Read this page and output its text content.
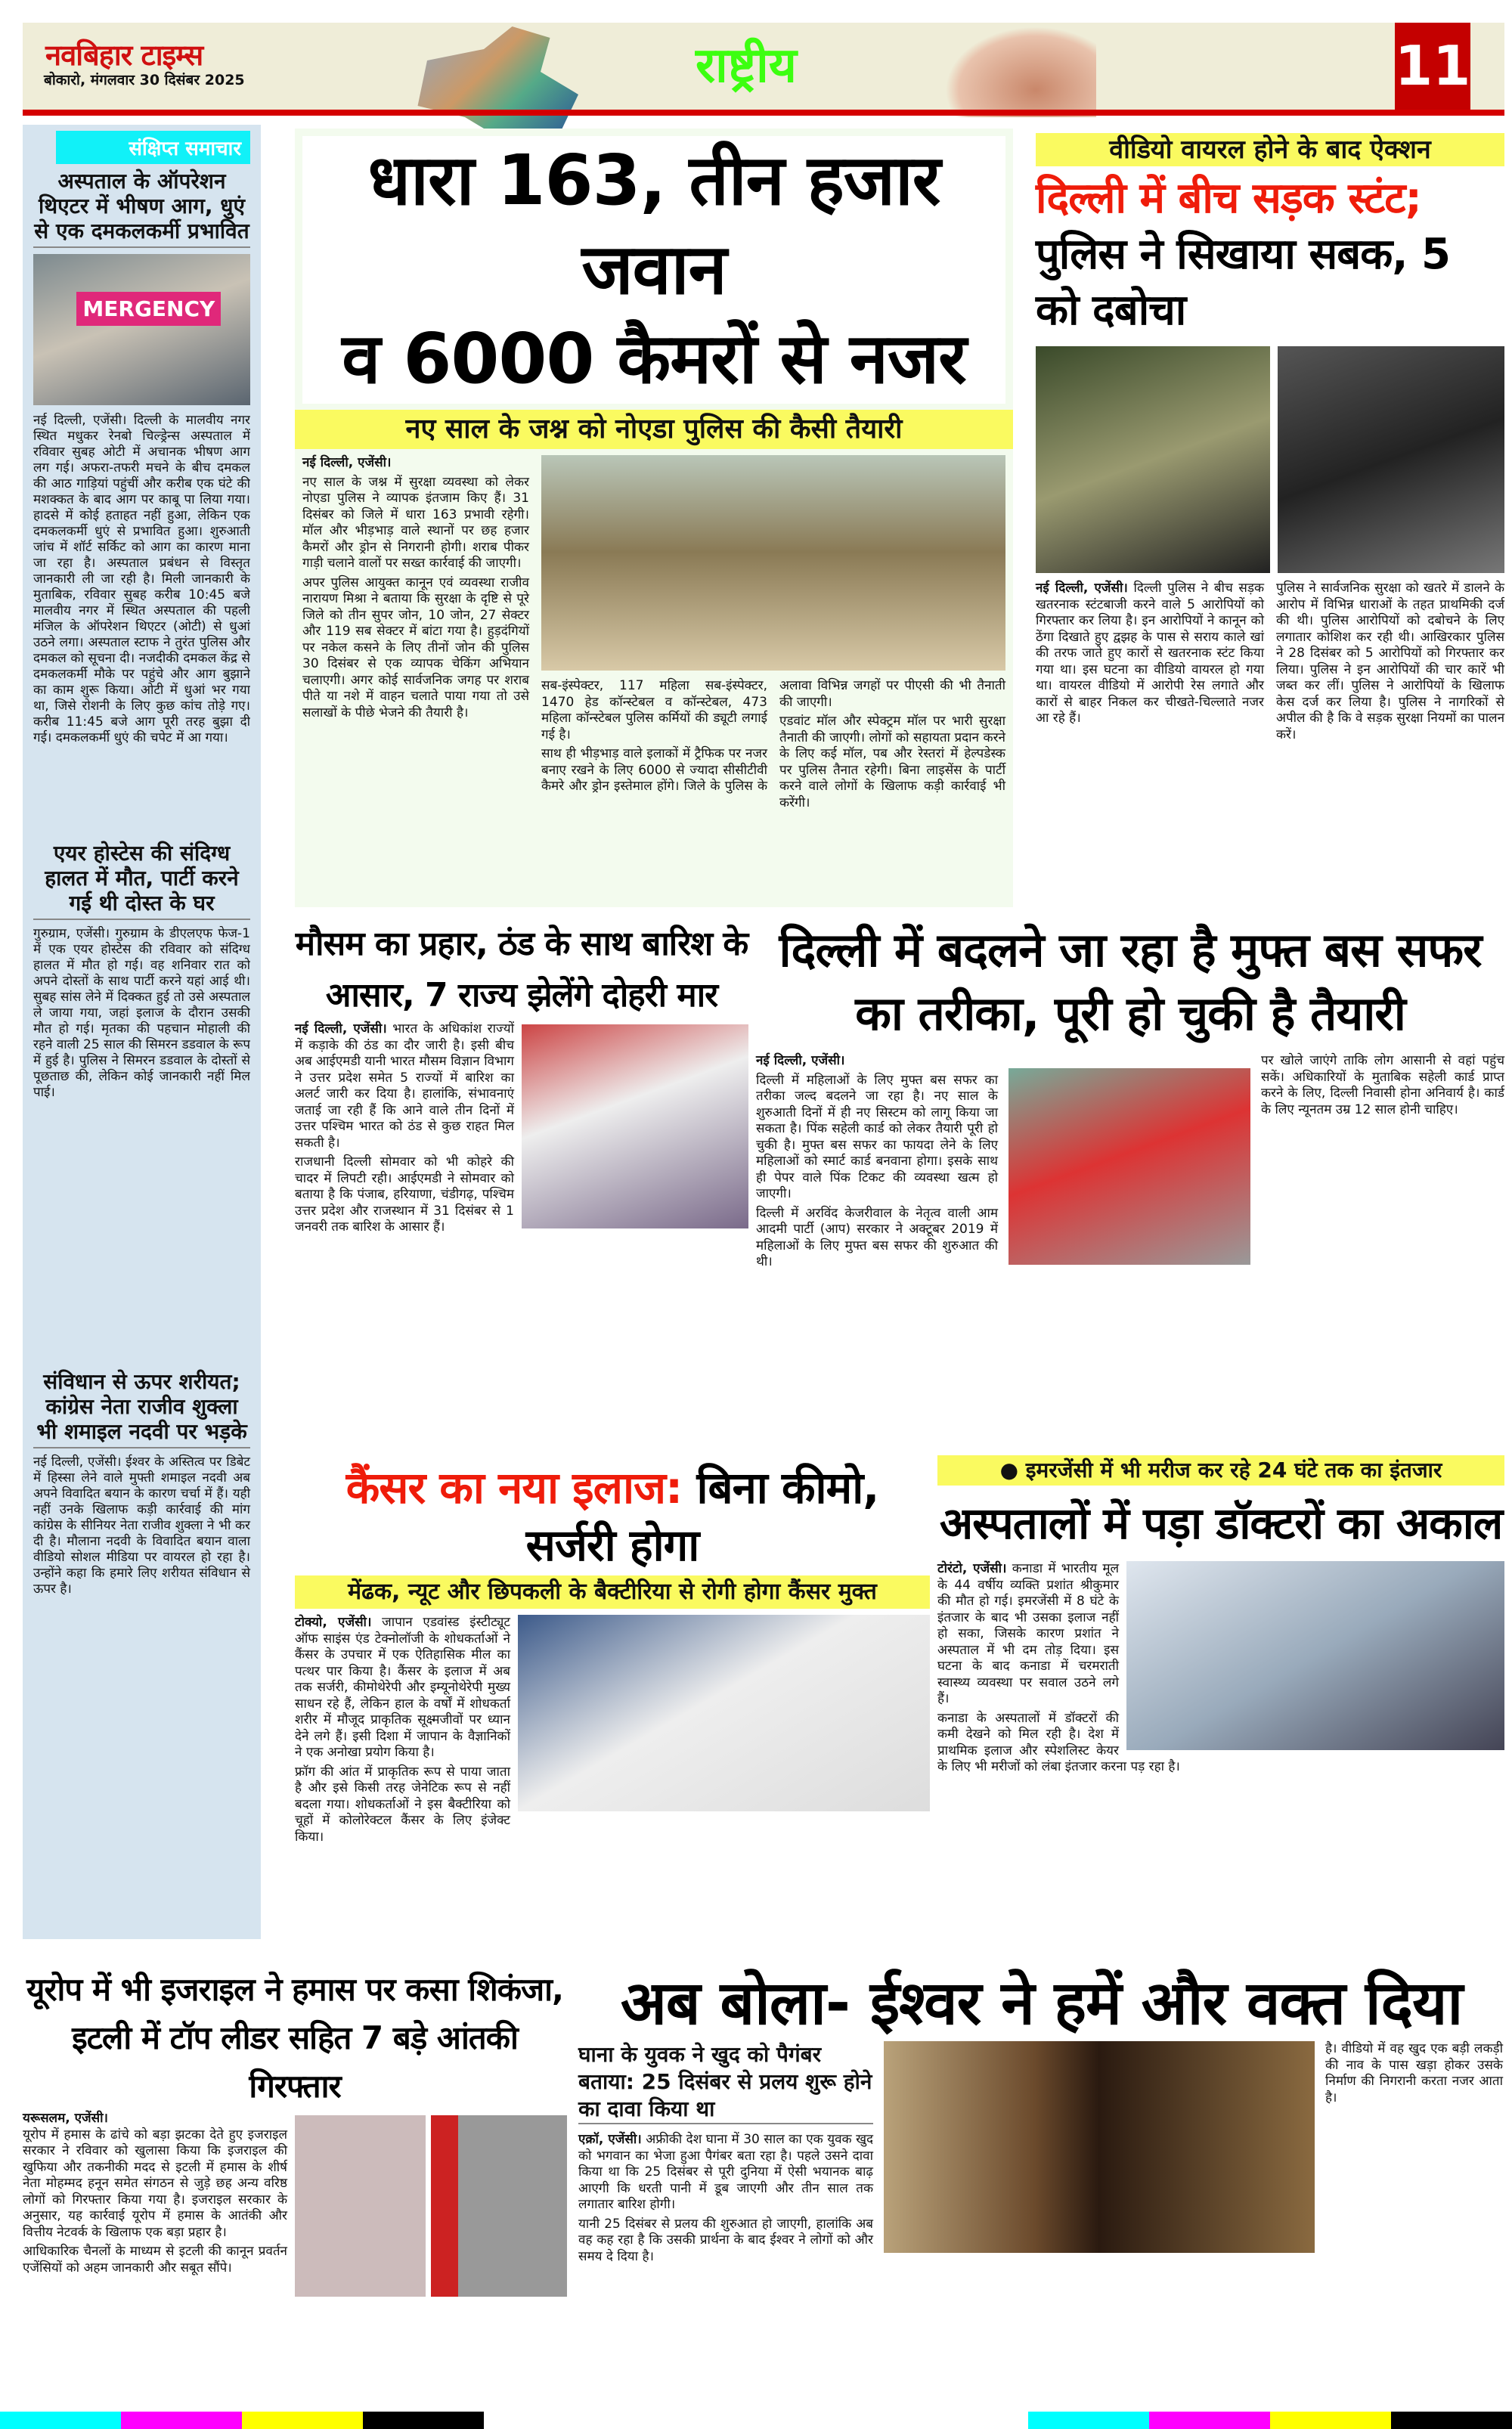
नवबिहार टाइम्स
बोकारो, मंगलवार 30 दिसंबर 2025	राष्ट्रीय	11
संक्षिप्त समाचार
अस्पताल के ऑपरेशन थिएटर में भीषण आग, धुएं से एक दमकलकर्मी प्रभावित
MERGENCY
नई दिल्ली, एजेंसी। दिल्ली के मालवीय नगर स्थित मधुकर रेनबो चिल्ड्रेन्स अस्पताल में रविवार सुबह ओटी में अचानक भीषण आग लग गई। अफरा-तफरी मचने के बीच दमकल की आठ गाड़ियां पहुंचीं और करीब एक घंटे की मशक्कत के बाद आग पर काबू पा लिया गया। हादसे में कोई हताहत नहीं हुआ, लेकिन एक दमकलकर्मी धुएं से प्रभावित हुआ। शुरुआती जांच में शॉर्ट सर्किट को आग का कारण माना जा रहा है। अस्पताल प्रबंधन से विस्तृत जानकारी ली जा रही है। मिली जानकारी के मुताबिक, रविवार सुबह करीब 10:45 बजे मालवीय नगर में स्थित अस्पताल की पहली मंजिल के ऑपरेशन थिएटर (ओटी) से धुआं उठने लगा। अस्पताल स्टाफ ने तुरंत पुलिस और दमकल को सूचना दी। नजदीकी दमकल केंद्र से दमकलकर्मी मौके पर पहुंचे और आग बुझाने का काम शुरू किया। ओटी में धुआं भर गया था, जिसे रोशनी के लिए कुछ कांच तोड़े गए। करीब 11:45 बजे आग पूरी तरह बुझा दी गई। दमकलकर्मी धुएं की चपेट में आ गया।
एयर होस्टेस की संदिग्ध हालत में मौत, पार्टी करने गई थी दोस्त के घर
गुरुग्राम, एजेंसी। गुरुग्राम के डीएलएफ फेज-1 में एक एयर होस्टेस की रविवार को संदिग्ध हालत में मौत हो गई। वह शनिवार रात को अपने दोस्तों के साथ पार्टी करने यहां आई थी। सुबह सांस लेने में दिक्कत हुई तो उसे अस्पताल ले जाया गया, जहां इलाज के दौरान उसकी मौत हो गई। मृतका की पहचान मोहाली की रहने वाली 25 साल की सिमरन डडवाल के रूप में हुई है। पुलिस ने सिमरन डडवाल के दोस्तों से पूछताछ की, लेकिन कोई जानकारी नहीं मिल पाई।
संविधान से ऊपर शरीयत; कांग्रेस नेता राजीव शुक्ला भी शमाइल नदवी पर भड़के
नई दिल्ली, एजेंसी। ईश्वर के अस्तित्व पर डिबेट में हिस्सा लेने वाले मुफ्ती शमाइल नदवी अब अपने विवादित बयान के कारण चर्चा में हैं। यही नहीं उनके खिलाफ कड़ी कार्रवाई की मांग कांग्रेस के सीनियर नेता राजीव शुक्ला ने भी कर दी है। मौलाना नदवी के विवादित बयान वाला वीडियो सोशल मीडिया पर वायरल हो रहा है। उन्होंने कहा कि हमारे लिए शरीयत संविधान से ऊपर है।
धारा 163, तीन हजार जवान
व 6000 कैमरों से नजर
नए साल के जश्न को नोएडा पुलिस की कैसी तैयारी

नई दिल्ली, एजेंसी।

नए साल के जश्न में सुरक्षा व्यवस्था को लेकर नोएडा पुलिस ने व्यापक इंतजाम किए हैं। 31 दिसंबर को जिले में धारा 163 प्रभावी रहेगी। मॉल और भीड़भाड़ वाले स्थानों पर छह हजार कैमरों और ड्रोन से निगरानी होगी। शराब पीकर गाड़ी चलाने वालों पर सख्त कार्रवाई की जाएगी।

अपर पुलिस आयुक्त कानून एवं व्यवस्था राजीव नारायण मिश्रा ने बताया कि सुरक्षा के दृष्टि से पूरे जिले को तीन सुपर जोन, 10 जोन, 27 सेक्टर और 119 सब सेक्टर में बांटा गया है। हुड़दंगियों पर नकेल कसने के लिए तीनों जोन की पुलिस 30 दिसंबर से एक व्यापक चेकिंग अभियान चलाएगी। अगर कोई सार्वजनिक जगह पर शराब पीते या नशे में वाहन चलाते पाया गया तो उसे सलाखों के पीछे भेजने की तैयारी है।

सब-इंस्पेक्टर, 117 महिला सब-इंस्पेक्टर, 1470 हेड कॉन्स्टेबल व कॉन्स्टेबल, 473 महिला कॉन्स्टेबल पुलिस कर्मियों की ड्यूटी लगाई गई है।

साथ ही भीड़भाड़ वाले इलाकों में ट्रैफिक पर नजर बनाए रखने के लिए 6000 से ज्यादा सीसीटीवी कैमरे और ड्रोन इस्तेमाल होंगे। जिले के पुलिस के अलावा विभिन्न जगहों पर पीएसी की भी तैनाती की जाएगी।

एडवांट मॉल और स्पेक्ट्रम मॉल पर भारी सुरक्षा तैनाती की जाएगी। लोगों को सहायता प्रदान करने के लिए कई मॉल, पब और रेस्तरां में हेल्पडेस्क पर पुलिस तैनात रहेगी। बिना लाइसेंस के पार्टी करने वाले लोगों के खिलाफ कड़ी कार्रवाई भी करेंगी।

वीडियो वायरल होने के बाद ऐक्शन
दिल्ली में बीच सड़क स्टंट; पुलिस ने सिखाया सबक, 5 को दबोचा

नई दिल्ली, एजेंसी। दिल्ली पुलिस ने बीच सड़क खतरनाक स्टंटबाजी करने वाले 5 आरोपियों को गिरफ्तार कर लिया है। इन आरोपियों ने कानून को ठेंगा दिखाते हुए द्वझह के पास से सराय काले खां की तरफ जाते हुए कारों से खतरनाक स्टंट किया गया था। इस घटना का वीडियो वायरल हो गया था। वायरल वीडियो में आरोपी रेस लगाते और कारों से बाहर निकल कर चीखते-चिल्लाते नजर आ रहे हैं।

पुलिस ने सार्वजनिक सुरक्षा को खतरे में डालने के आरोप में विभिन्न धाराओं के तहत प्राथमिकी दर्ज की थी। पुलिस आरोपियों को दबोचने के लिए लगातार कोशिश कर रही थी। आखिरकार पुलिस ने 28 दिसंबर को 5 आरोपियों को गिरफ्तार कर लिया। पुलिस ने इन आरोपियों की चार कारें भी जब्त कर लीं। पुलिस ने आरोपियों के खिलाफ केस दर्ज कर लिया है। पुलिस ने नागरिकों से अपील की है कि वे सड़क सुरक्षा नियमों का पालन करें।

मौसम का प्रहार, ठंड के साथ बारिश के आसार, 7 राज्य झेलेंगे दोहरी मार

नई दिल्ली, एजेंसी। भारत के अधिकांश राज्यों में कड़ाके की ठंड का दौर जारी है। इसी बीच अब आईएमडी यानी भारत मौसम विज्ञान विभाग ने उत्तर प्रदेश समेत 5 राज्यों में बारिश का अलर्ट जारी कर दिया है। हालांकि, संभावनाएं जताई जा रही हैं कि आने वाले तीन दिनों में उत्तर पश्चिम भारत को ठंड से कुछ राहत मिल सकती है।

राजधानी दिल्ली सोमवार को भी कोहरे की चादर में लिपटी रही। आईएमडी ने सोमवार को बताया है कि पंजाब, हरियाणा, चंडीगढ़, पश्चिम उत्तर प्रदेश और राजस्थान में 31 दिसंबर से 1 जनवरी तक बारिश के आसार हैं।

दिल्ली में बदलने जा रहा है मुफ्त बस सफर का तरीका, पूरी हो चुकी है तैयारी

नई दिल्ली, एजेंसी।

दिल्ली में महिलाओं के लिए मुफ्त बस सफर का तरीका जल्द बदलने जा रहा है। नए साल के शुरुआती दिनों में ही नए सिस्टम को लागू किया जा सकता है। पिंक सहेली कार्ड को लेकर तैयारी पूरी हो चुकी है। मुफ्त बस सफर का फायदा लेने के लिए महिलाओं को स्मार्ट कार्ड बनवाना होगा। इसके साथ ही पेपर वाले पिंक टिकट की व्यवस्था खत्म हो जाएगी।

दिल्ली में अरविंद केजरीवाल के नेतृत्व वाली आम आदमी पार्टी (आप) सरकार ने अक्टूबर 2019 में महिलाओं के लिए मुफ्त बस सफर की शुरुआत की थी।

पर खोले जाएंगे ताकि लोग आसानी से वहां पहुंच सकें। अधिकारियों के मुताबिक सहेली कार्ड प्राप्त करने के लिए, दिल्ली निवासी होना अनिवार्य है। कार्ड के लिए न्यूनतम उम्र 12 साल होनी चाहिए।

कैंसर का नया इलाज: बिना कीमो, सर्जरी होगा
मेंढक, न्यूट और छिपकली के बैक्टीरिया से रोगी होगा कैंसर मुक्त

टोक्यो, एजेंसी। जापान एडवांस्ड इंस्टीट्यूट ऑफ साइंस एंड टेक्नोलॉजी के शोधकर्ताओं ने कैंसर के उपचार में एक ऐतिहासिक मील का पत्थर पार किया है। कैंसर के इलाज में अब तक सर्जरी, कीमोथेरेपी और इम्यूनोथेरेपी मुख्य साधन रहे हैं, लेकिन हाल के वर्षों में शोधकर्ता शरीर में मौजूद प्राकृतिक सूक्ष्मजीवों पर ध्यान देने लगे हैं। इसी दिशा में जापान के वैज्ञानिकों ने एक अनोखा प्रयोग किया है।

फ्रॉग की आंत में प्राकृतिक रूप से पाया जाता है और इसे किसी तरह जेनेटिक रूप से नहीं बदला गया। शोधकर्ताओं ने इस बैक्टीरिया को चूहों में कोलोरेक्टल कैंसर के लिए इंजेक्ट किया।

● इमरजेंसी में भी मरीज कर रहे 24 घंटे तक का इंतजार
अस्पतालों में पड़ा डॉक्टरों का अकाल

टोरंटो, एजेंसी। कनाडा में भारतीय मूल के 44 वर्षीय व्यक्ति प्रशांत श्रीकुमार की मौत हो गई। इमरजेंसी में 8 घंटे के इंतजार के बाद भी उसका इलाज नहीं हो सका, जिसके कारण प्रशांत ने अस्पताल में भी दम तोड़ दिया। इस घटना के बाद कनाडा में चरमराती स्वास्थ्य व्यवस्था पर सवाल उठने लगे हैं।

कनाडा के अस्पतालों में डॉक्टरों की कमी देखने को मिल रही है। देश में प्राथमिक इलाज और स्पेशलिस्ट केयर के लिए भी मरीजों को लंबा इंतजार करना पड़ रहा है।

यूरोप में भी इजराइल ने हमास पर कसा शिकंजा, इटली में टॉप लीडर सहित 7 बड़े आंतकी गिरफ्तार

यरूसलम, एजेंसी।
यूरोप में हमास के ढांचे को बड़ा झटका देते हुए इजराइल सरकार ने रविवार को खुलासा किया कि इजराइल की खुफिया और तकनीकी मदद से इटली में हमास के शीर्ष नेता मोहम्मद हनून समेत संगठन से जुड़े छह अन्य वरिष्ठ लोगों को गिरफ्तार किया गया है। इजराइल सरकार के अनुसार, यह कार्रवाई यूरोप में हमास के आतंकी और वित्तीय नेटवर्क के खिलाफ एक बड़ा प्रहार है।

आधिकारिक चैनलों के माध्यम से इटली की कानून प्रवर्तन एजेंसियों को अहम जानकारी और सबूत सौंपे।

अब बोला- ईश्वर ने हमें और वक्त दिया
घाना के युवक ने खुद को पैगंबर बताया: 25 दिसंबर से प्रलय शुरू होने का दावा किया था

एक्रॉ, एजेंसी। अफ्रीकी देश घाना में 30 साल का एक युवक खुद को भगवान का भेजा हुआ पैगंबर बता रहा है। पहले उसने दावा किया था कि 25 दिसंबर से पूरी दुनिया में ऐसी भयानक बाढ़ आएगी कि धरती पानी में डूब जाएगी और तीन साल तक लगातार बारिश होगी।

यानी 25 दिसंबर से प्रलय की शुरुआत हो जाएगी, हालांकि अब वह कह रहा है कि उसकी प्रार्थना के बाद ईश्वर ने लोगों को और समय दे दिया है।

है। वीडियो में वह खुद एक बड़ी लकड़ी की नाव के पास खड़ा होकर उसके निर्माण की निगरानी करता नजर आता है।
